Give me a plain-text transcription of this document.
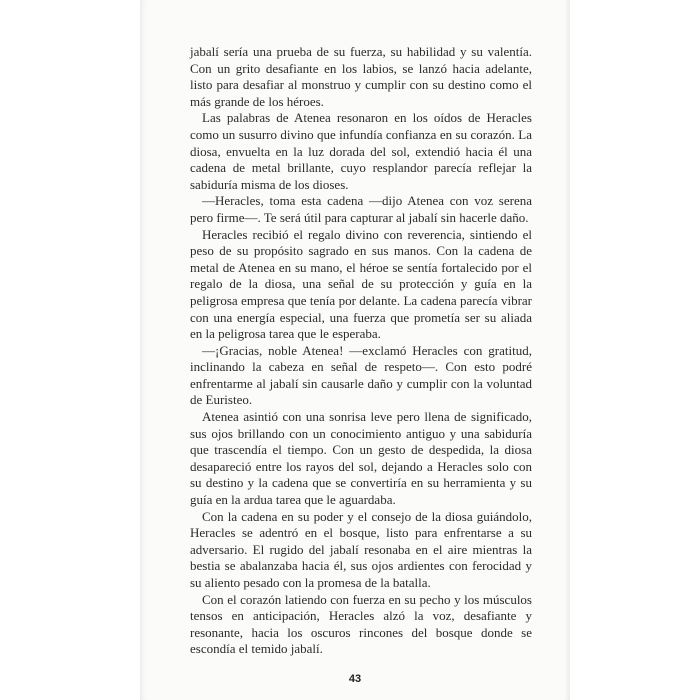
jabalí sería una prueba de su fuerza, su habilidad y su valentía. Con un grito desafiante en los labios, se lanzó hacia adelante, listo para desafiar al monstruo y cumplir con su destino como el más grande de los héroes.

Las palabras de Atenea resonaron en los oídos de Heracles como un susurro divino que infundía confianza en su corazón. La diosa, envuelta en la luz dorada del sol, extendió hacia él una cadena de metal brillante, cuyo resplandor parecía reflejar la sabiduría misma de los dioses.

—Heracles, toma esta cadena —dijo Atenea con voz serena pero firme—. Te será útil para capturar al jabalí sin hacerle daño.

Heracles recibió el regalo divino con reverencia, sintiendo el peso de su propósito sagrado en sus manos. Con la cadena de metal de Atenea en su mano, el héroe se sentía fortalecido por el regalo de la diosa, una señal de su protección y guía en la peligrosa empresa que tenía por delante. La cadena parecía vibrar con una energía especial, una fuerza que prometía ser su aliada en la peligrosa tarea que le esperaba.

—¡Gracias, noble Atenea! —exclamó Heracles con gratitud, inclinando la cabeza en señal de respeto—. Con esto podré enfrentarme al jabalí sin causarle daño y cumplir con la voluntad de Euristeo.

Atenea asintió con una sonrisa leve pero llena de significado, sus ojos brillando con un conocimiento antiguo y una sabiduría que trascendía el tiempo. Con un gesto de despedida, la diosa desapareció entre los rayos del sol, dejando a Heracles solo con su destino y la cadena que se convertiría en su herramienta y su guía en la ardua tarea que le aguardaba.

Con la cadena en su poder y el consejo de la diosa guiándolo, Heracles se adentró en el bosque, listo para enfrentarse a su adversario. El rugido del jabalí resonaba en el aire mientras la bestia se abalanzaba hacia él, sus ojos ardientes con ferocidad y su aliento pesado con la promesa de la batalla.

Con el corazón latiendo con fuerza en su pecho y los músculos tensos en anticipación, Heracles alzó la voz, desafiante y resonante, hacia los oscuros rincones del bosque donde se escondía el temido jabalí.

43
